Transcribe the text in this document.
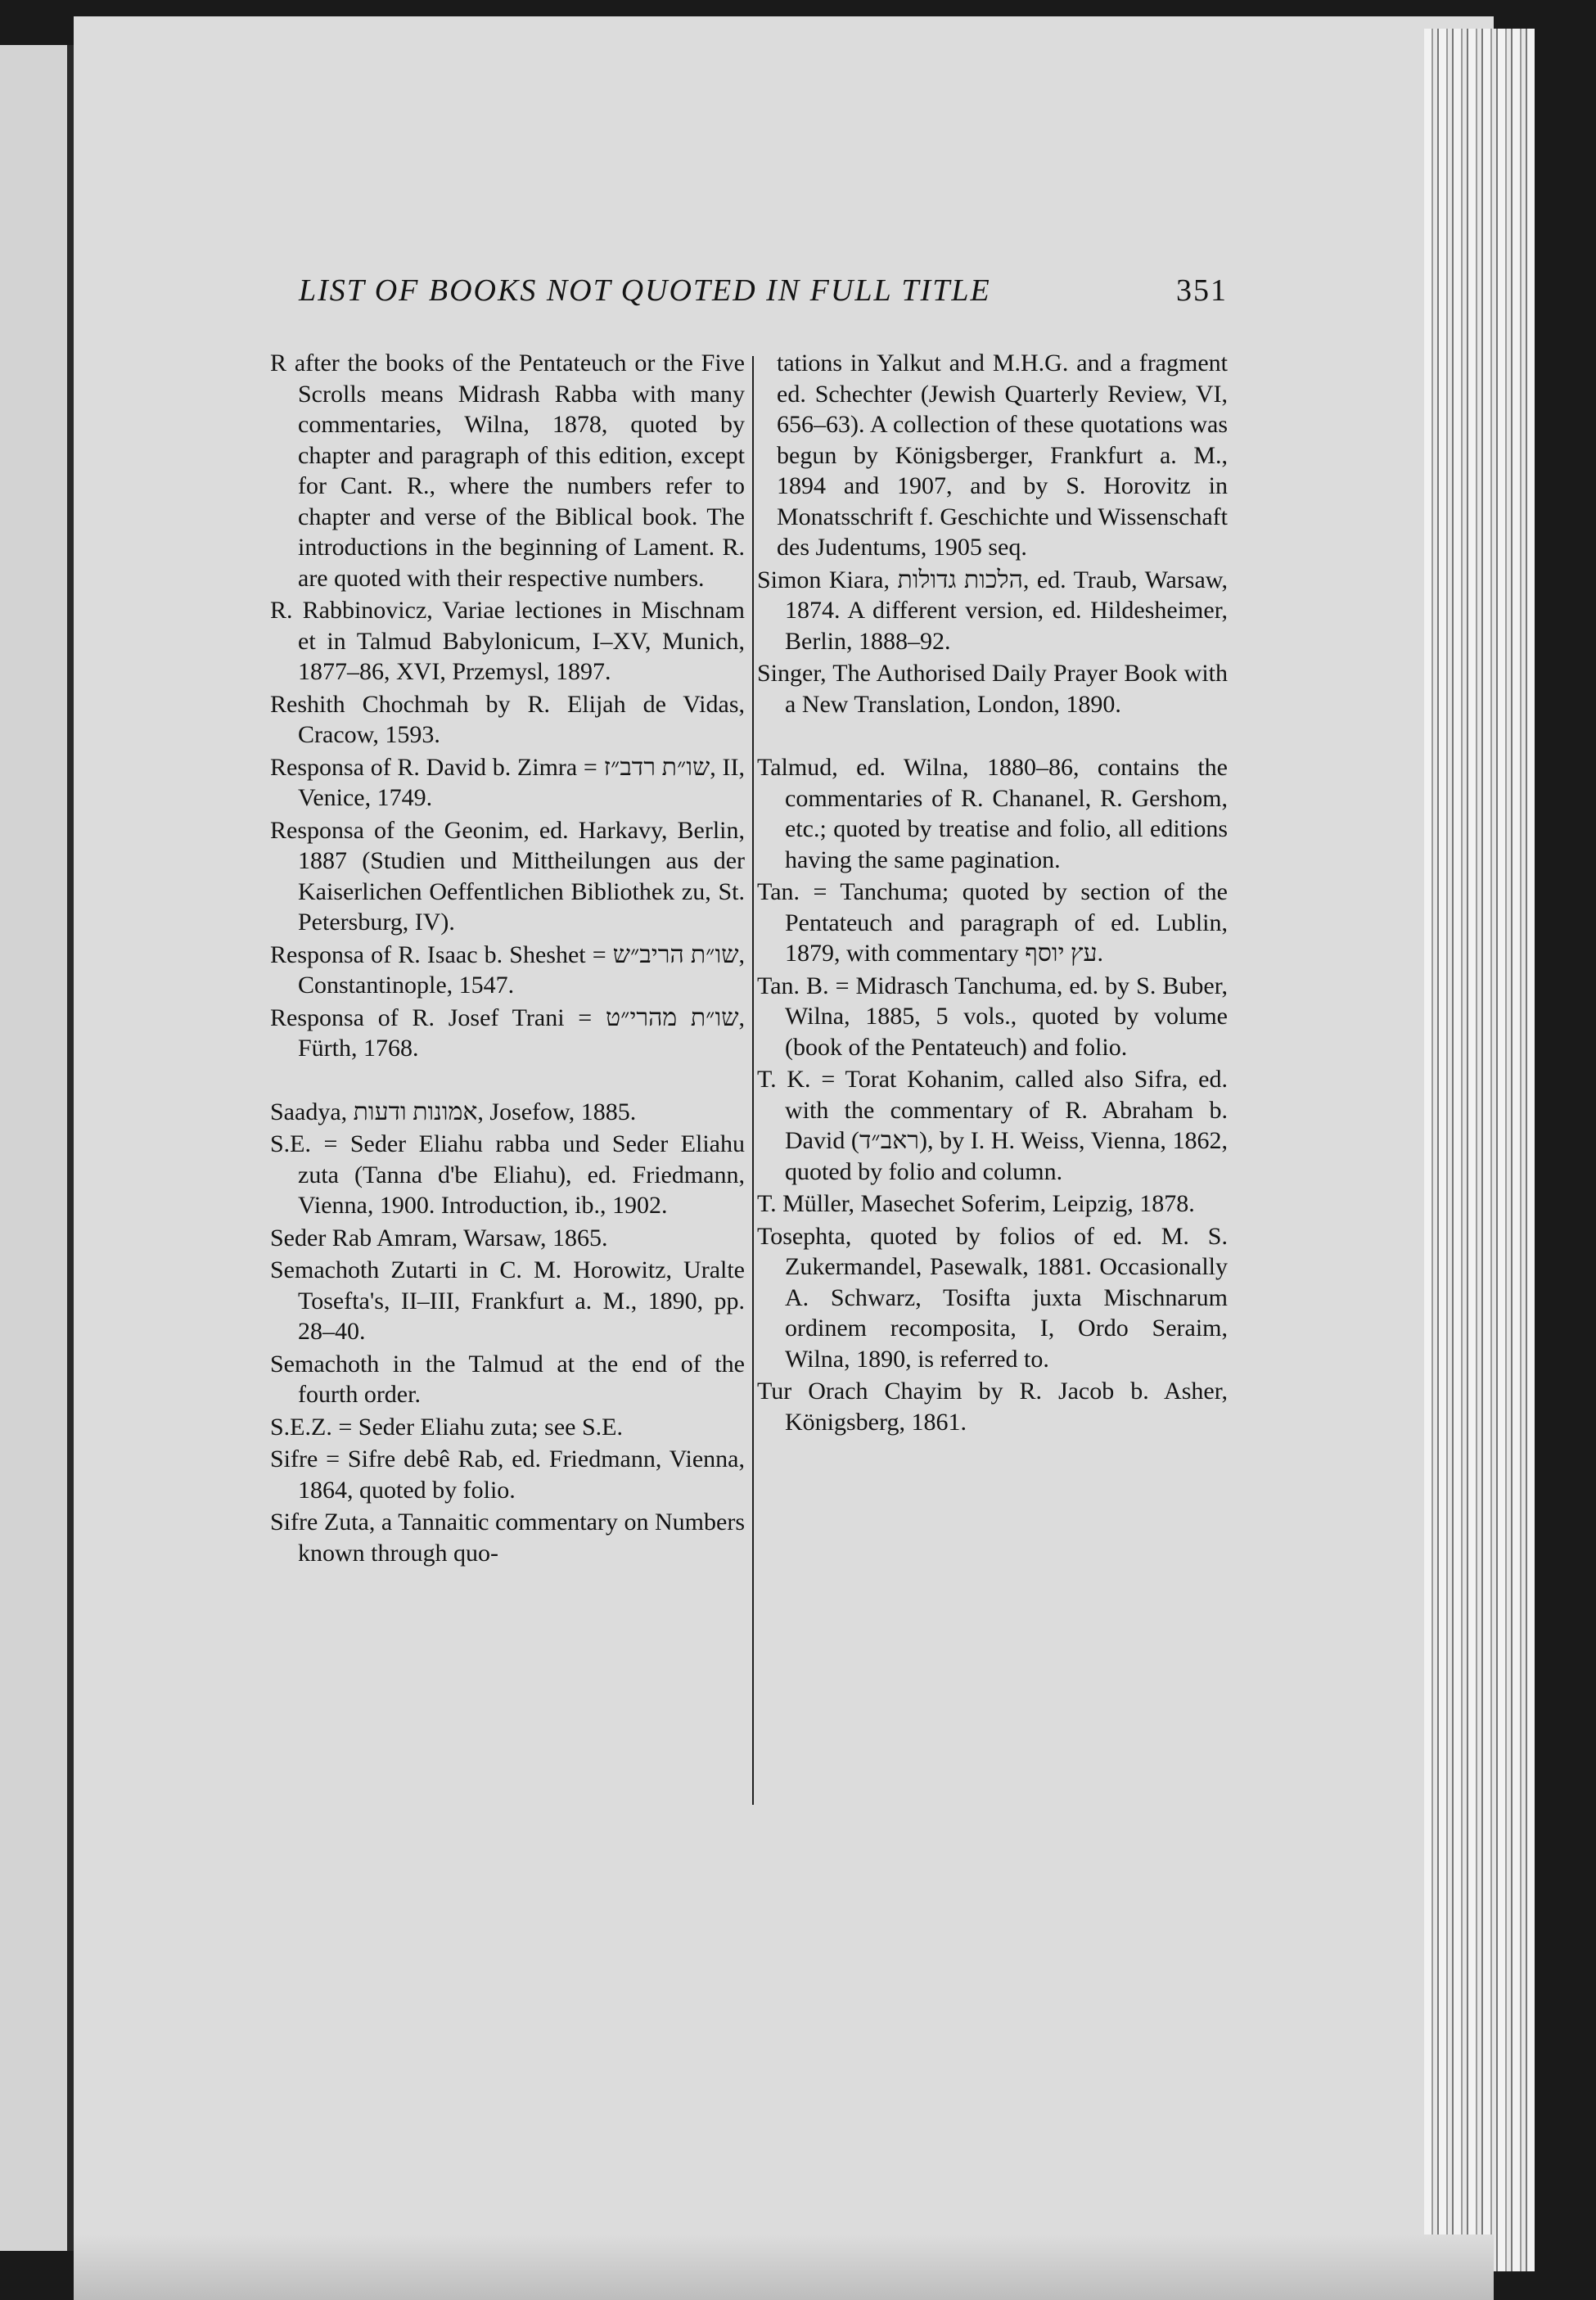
LIST OF BOOKS NOT QUOTED IN FULL TITLE	351

R after the books of the Pentateuch or the Five Scrolls means Midrash Rabba with many commentaries, Wilna, 1878, quoted by chapter and paragraph of this edition, except for Cant. R., where the numbers refer to chapter and verse of the Biblical book. The introductions in the beginning of Lament. R. are quoted with their respective numbers.

R. Rabbinovicz, Variae lectiones in Mischnam et in Talmud Babylonicum, I–XV, Munich, 1877–86, XVI, Przemysl, 1897.

Reshith Chochmah by R. Elijah de Vidas, Cracow, 1593.

Responsa of R. David b. Zimra = שו״ת רדב״ז, II, Venice, 1749.

Responsa of the Geonim, ed. Harkavy, Berlin, 1887 (Studien und Mittheilungen aus der Kaiserlichen Oeffentlichen Bibliothek zu, St. Petersburg, IV).

Responsa of R. Isaac b. Sheshet = שו״ת הריב״ש, Constantinople, 1547.

Responsa of R. Josef Trani = שו״ת מהרי״ט, Fürth, 1768.

Saadya, אמונות ודעות, Josefow, 1885.

S.E. = Seder Eliahu rabba und Seder Eliahu zuta (Tanna d'be Eliahu), ed. Friedmann, Vienna, 1900. Introduction, ib., 1902.

Seder Rab Amram, Warsaw, 1865.

Semachoth Zutarti in C. M. Horowitz, Uralte Tosefta's, II–III, Frankfurt a. M., 1890, pp. 28–40.

Semachoth in the Talmud at the end of the fourth order.

S.E.Z. = Seder Eliahu zuta; see S.E.

Sifre = Sifre debê Rab, ed. Friedmann, Vienna, 1864, quoted by folio.

Sifre Zuta, a Tannaitic commentary on Numbers known through quo-

tations in Yalkut and M.H.G. and a fragment ed. Schechter (Jewish Quarterly Review, VI, 656–63). A collection of these quotations was begun by Königsberger, Frankfurt a. M., 1894 and 1907, and by S. Horovitz in Monatsschrift f. Geschichte und Wissenschaft des Judentums, 1905 seq.

Simon Kiara, הלכות גדולות, ed. Traub, Warsaw, 1874. A different version, ed. Hildesheimer, Berlin, 1888–92.

Singer, The Authorised Daily Prayer Book with a New Translation, London, 1890.

Talmud, ed. Wilna, 1880–86, contains the commentaries of R. Chananel, R. Gershom, etc.; quoted by treatise and folio, all editions having the same pagination.

Tan. = Tanchuma; quoted by section of the Pentateuch and paragraph of ed. Lublin, 1879, with commentary עץ יוסף.

Tan. B. = Midrasch Tanchuma, ed. by S. Buber, Wilna, 1885, 5 vols., quoted by volume (book of the Pentateuch) and folio.

T. K. = Torat Kohanim, called also Sifra, ed. with the commentary of R. Abraham b. David (ראב״ד), by I. H. Weiss, Vienna, 1862, quoted by folio and column.

T. Müller, Masechet Soferim, Leipzig, 1878.

Tosephta, quoted by folios of ed. M. S. Zukermandel, Pasewalk, 1881. Occasionally A. Schwarz, Tosifta juxta Mischnarum ordinem recomposita, I, Ordo Seraim, Wilna, 1890, is referred to.

Tur Orach Chayim by R. Jacob b. Asher, Königsberg, 1861.
